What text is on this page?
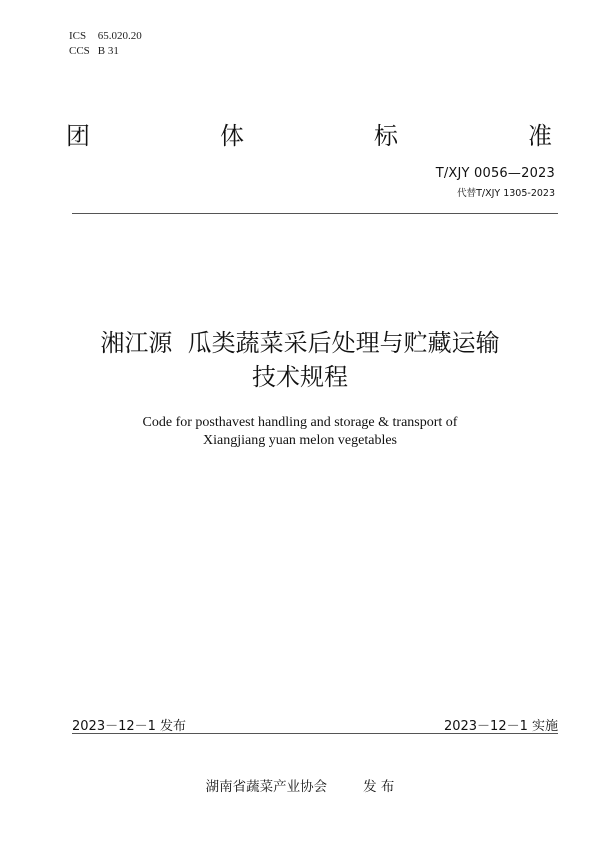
ICS 65.020.20
CCS B 31
团	体	标	准
T/XJY 0056—2023
代替T/XJY 1305-2023
湘江源  瓜类蔬菜采后处理与贮藏运输
技术规程
Code for posthavest handling and storage & transport of
Xiangjiang yuan melon vegetables
2023－12－1 发布	2023－12－1 实施
湖南省蔬菜产业协会	发 布
